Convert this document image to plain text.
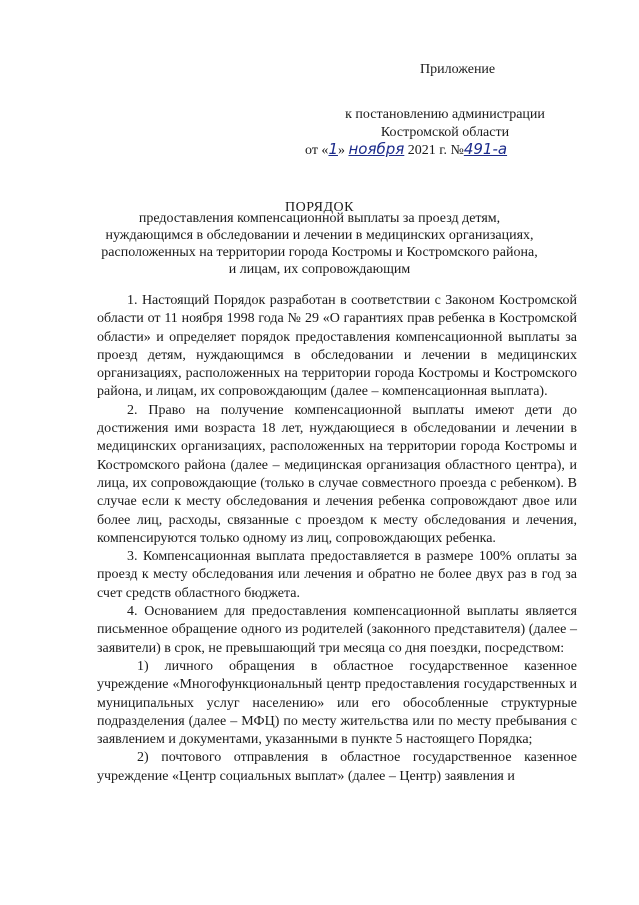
Приложение
к постановлению администрации
Костромской области
от «1» ноября 2021 г. №491-а
ПОРЯДОК
предоставления компенсационной выплаты за проезд детям,
нуждающимся в обследовании и лечении в медицинских организациях,
расположенных на территории города Костромы и Костромского района,
и лицам, их сопровождающим

1. Настоящий Порядок разработан в соответствии с Законом Костромской области от 11 ноября 1998 года № 29 «О гарантиях прав ребенка в Костромской области» и определяет порядок предоставления компенсационной выплаты за проезд детям, нуждающимся в обследовании и лечении в медицинских организациях, расположенных на территории города Костромы и Костромского района, и лицам, их сопровождающим (далее – компенсационная выплата).

2. Право на получение компенсационной выплаты имеют дети до достижения ими возраста 18 лет, нуждающиеся в обследовании и лечении в медицинских организациях, расположенных на территории города Костромы и Костромского района (далее – медицинская организация областного центра), и лица, их сопровождающие (только в случае совместного проезда с ребенком). В случае если к месту обследования и лечения ребенка сопровождают двое или более лиц, расходы, связанные с проездом к месту обследования и лечения, компенсируются только одному из лиц, сопровождающих ребенка.

3. Компенсационная выплата предоставляется в размере 100% оплаты за проезд к месту обследования или лечения и обратно не более двух раз в год за счет средств областного бюджета.

4. Основанием для предоставления компенсационной выплаты является письменное обращение одного из родителей (законного представителя) (далее – заявители) в срок, не превышающий три месяца со дня поездки, посредством:

1) личного обращения в областное государственное казенное учреждение «Многофункциональный центр предоставления государственных и муниципальных услуг населению» или его обособленные структурные подразделения (далее – МФЦ) по месту жительства или по месту пребывания с заявлением и документами, указанными в пункте 5 настоящего Порядка;

2) почтового отправления в областное государственное казенное учреждение «Центр социальных выплат» (далее – Центр) заявления и
